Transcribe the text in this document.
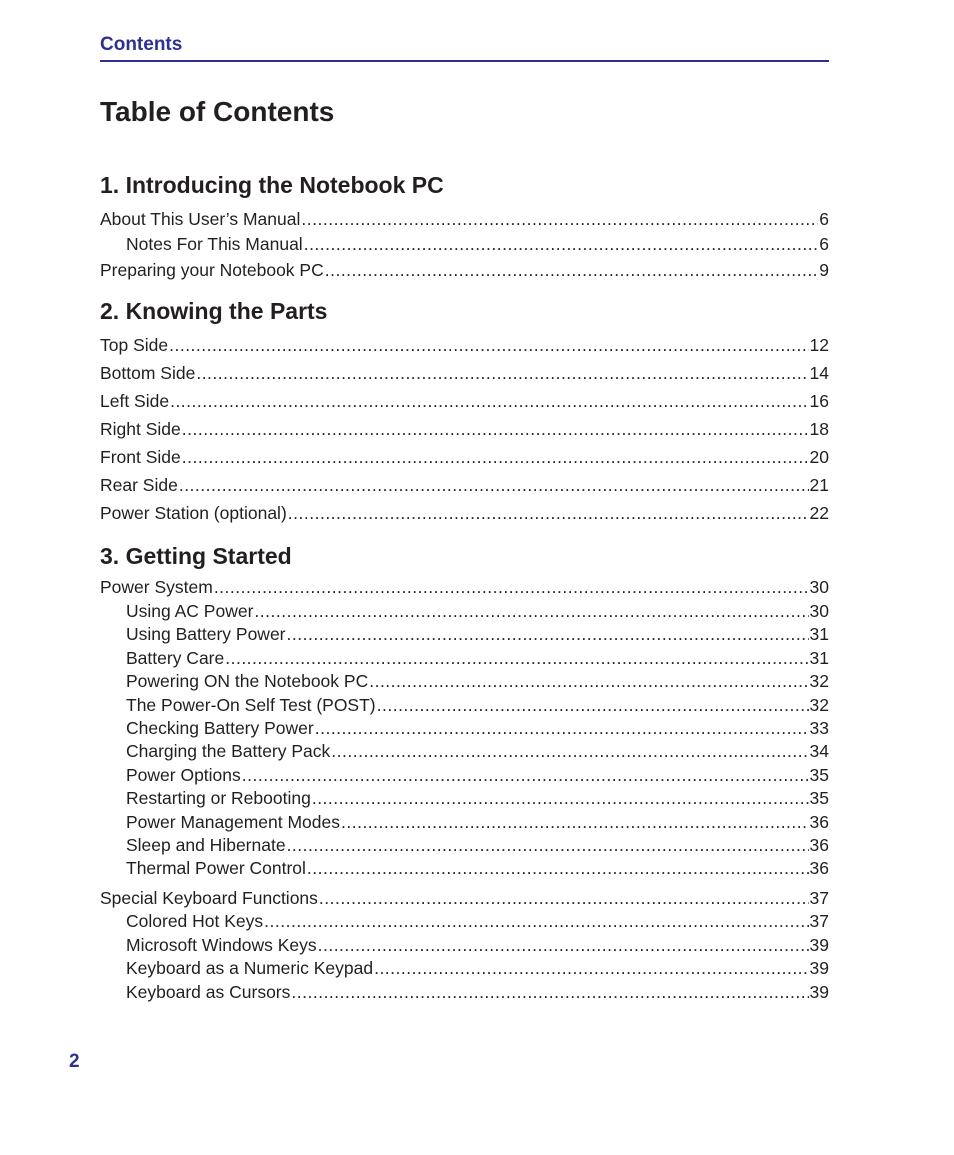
Contents
Table of Contents
1. Introducing the Notebook PC
About This User’s Manual .....	6
Notes For This Manual .....	6
Preparing your Notebook PC .....	9
2. Knowing the Parts
Top Side .....	12
Bottom Side .....	14
Left Side .....	16
Right Side .....	18
Front Side .....	20
Rear Side .....	21
Power Station (optional) .....	22
3. Getting Started
Power System .....	30
Using AC Power .....	30
Using Battery Power .....	31
Battery Care .....	31
Powering ON the Notebook PC .....	32
The Power-On Self Test (POST) .....	32
Checking Battery Power .....	33
Charging the Battery Pack .....	34
Power Options .....	35
Restarting or Rebooting .....	35
Power Management Modes .....	36
Sleep and Hibernate .....	36
Thermal Power Control .....	36
Special Keyboard Functions .....	37
Colored Hot Keys .....	37
Microsoft Windows Keys .....	39
Keyboard as a Numeric Keypad .....	39
Keyboard as Cursors .....	39
2
